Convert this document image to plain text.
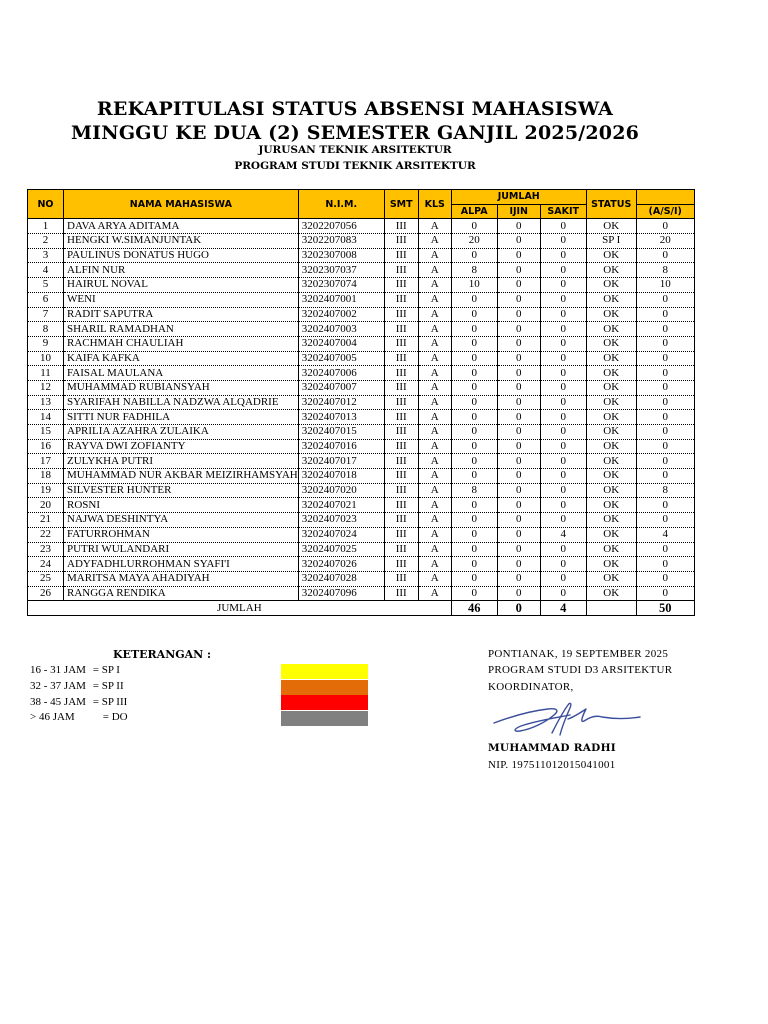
REKAPITULASI STATUS ABSENSI MAHASISWA
MINGGU KE DUA (2) SEMESTER GANJIL 2025/2026
JURUSAN TEKNIK ARSITEKTUR
PROGRAM STUDI TEKNIK ARSITEKTUR
NO	NAMA MAHASISWA	N.I.M.	SMT	KLS	JUMLAH			STATUS	
					ALPA	IJIN	SAKIT		(A/S/I)
1	DAVA ARYA ADITAMA	3202207056	III	A	0	0	0	OK	0
2	HENGKI W.SIMANJUNTAK	3202207083	III	A	20	0	0	SP I	20
3	PAULINUS DONATUS HUGO	3202307008	III	A	0	0	0	OK	0
4	ALFIN NUR	3202307037	III	A	8	0	0	OK	8
5	HAIRUL NOVAL	3202307074	III	A	10	0	0	OK	10
6	WENI	3202407001	III	A	0	0	0	OK	0
7	RADIT SAPUTRA	3202407002	III	A	0	0	0	OK	0
8	SHARIL RAMADHAN	3202407003	III	A	0	0	0	OK	0
9	RACHMAH CHAULIAH	3202407004	III	A	0	0	0	OK	0
10	KAIFA KAFKA	3202407005	III	A	0	0	0	OK	0
11	FAISAL MAULANA	3202407006	III	A	0	0	0	OK	0
12	MUHAMMAD RUBIANSYAH	3202407007	III	A	0	0	0	OK	0
13	SYARIFAH NABILLA NADZWA ALQADRIE	3202407012	III	A	0	0	0	OK	0
14	SITTI NUR FADHILA	3202407013	III	A	0	0	0	OK	0
15	APRILIA AZAHRA ZULAIKA	3202407015	III	A	0	0	0	OK	0
16	RAYVA DWI ZOFIANTY	3202407016	III	A	0	0	0	OK	0
17	ZULYKHA PUTRI	3202407017	III	A	0	0	0	OK	0
18	MUHAMMAD NUR AKBAR MEIZIRHAMSYAH	3202407018	III	A	0	0	0	OK	0
19	SILVESTER HUNTER	3202407020	III	A	8	0	0	OK	8
20	ROSNI	3202407021	III	A	0	0	0	OK	0
21	NAJWA DESHINTYA	3202407023	III	A	0	0	0	OK	0
22	FATURROHMAN	3202407024	III	A	0	0	4	OK	4
23	PUTRI WULANDARI	3202407025	III	A	0	0	0	OK	0
24	ADYFADHLURROHMAN SYAFI'I	3202407026	III	A	0	0	0	OK	0
25	MARITSA MAYA AHADIYAH	3202407028	III	A	0	0	0	OK	0
26	RANGGA RENDIKA	3202407096	III	A	0	0	0	OK	0
JUMLAH					46	0	4		50
KETERANGAN :
16 - 31 JAM = SP I
32 - 37 JAM = SP II
38 - 45 JAM = SP III
> 46 JAM	= DO
PONTIANAK, 19 SEPTEMBER 2025
PROGRAM STUDI D3 ARSITEKTUR
KOORDINATOR,
MUHAMMAD RADHI
NIP. 197511012015041001
